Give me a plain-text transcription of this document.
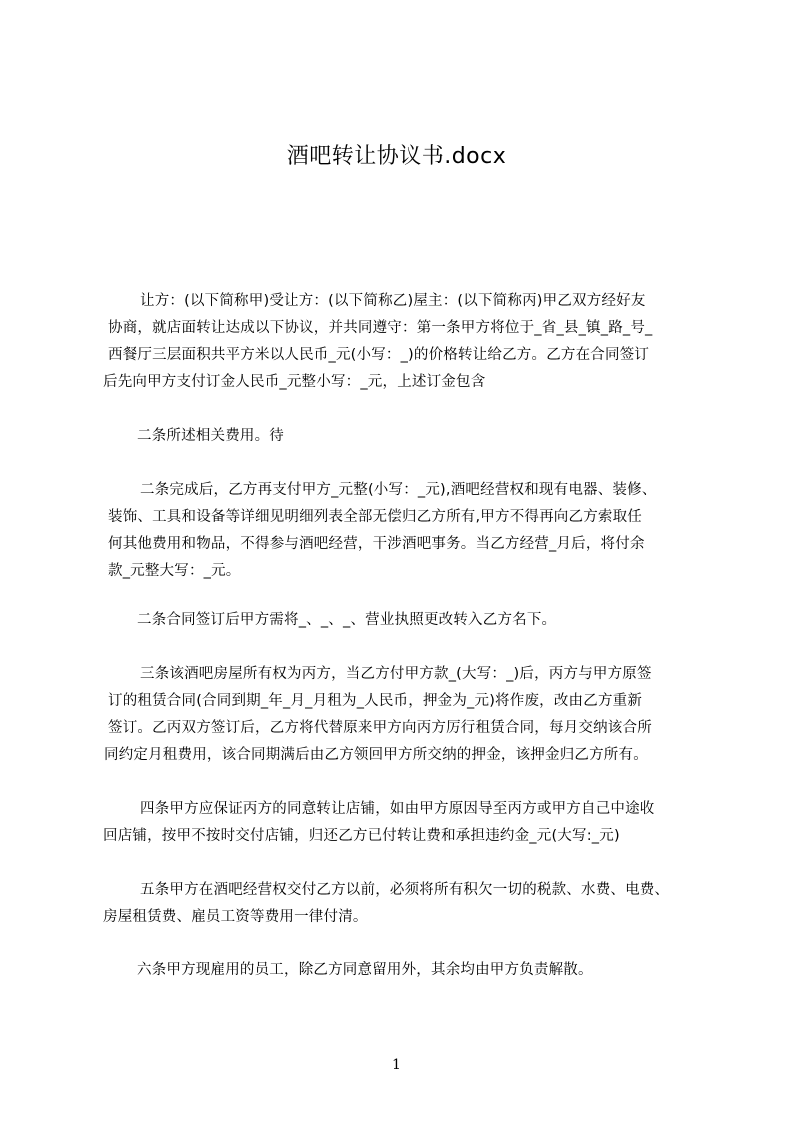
酒吧转让协议书.docx
让方：(以下简称甲)受让方：(以下简称乙)屋主：(以下简称丙)甲乙双方经好友
协商，就店面转让达成以下协议，并共同遵守：第一条甲方将位于_省_县_镇_路_号_
西餐厅三层面积共平方米以人民币_元(小写：_)的价格转让给乙方。乙方在合同签订
后先向甲方支付订金人民币_元整小写：_元，上述订金包含
二条所述相关费用。待
二条完成后，乙方再支付甲方_元整(小写：_元),酒吧经营权和现有电器、装修、
装饰、工具和设备等详细见明细列表全部无偿归乙方所有,甲方不得再向乙方索取任
何其他费用和物品，不得参与酒吧经营，干涉酒吧事务。当乙方经营_月后，将付余
款_元整大写：_元。
二条合同签订后甲方需将_、_、_、营业执照更改转入乙方名下。
三条该酒吧房屋所有权为丙方，当乙方付甲方款_(大写：_)后，丙方与甲方原签
订的租赁合同(合同到期_年_月_月租为_人民币，押金为_元)将作废，改由乙方重新
签订。乙丙双方签订后，乙方将代替原来甲方向丙方厉行租赁合同，每月交纳该合所
同约定月租费用，该合同期满后由乙方领回甲方所交纳的押金，该押金归乙方所有。
四条甲方应保证丙方的同意转让店铺，如由甲方原因导至丙方或甲方自己中途收
回店铺，按甲不按时交付店铺，归还乙方已付转让费和承担违约金_元(大写:_元)
五条甲方在酒吧经营权交付乙方以前，必须将所有积欠一切的税款、水费、电费、
房屋租赁费、雇员工资等费用一律付清。
六条甲方现雇用的员工，除乙方同意留用外，其余均由甲方负责解散。
1
